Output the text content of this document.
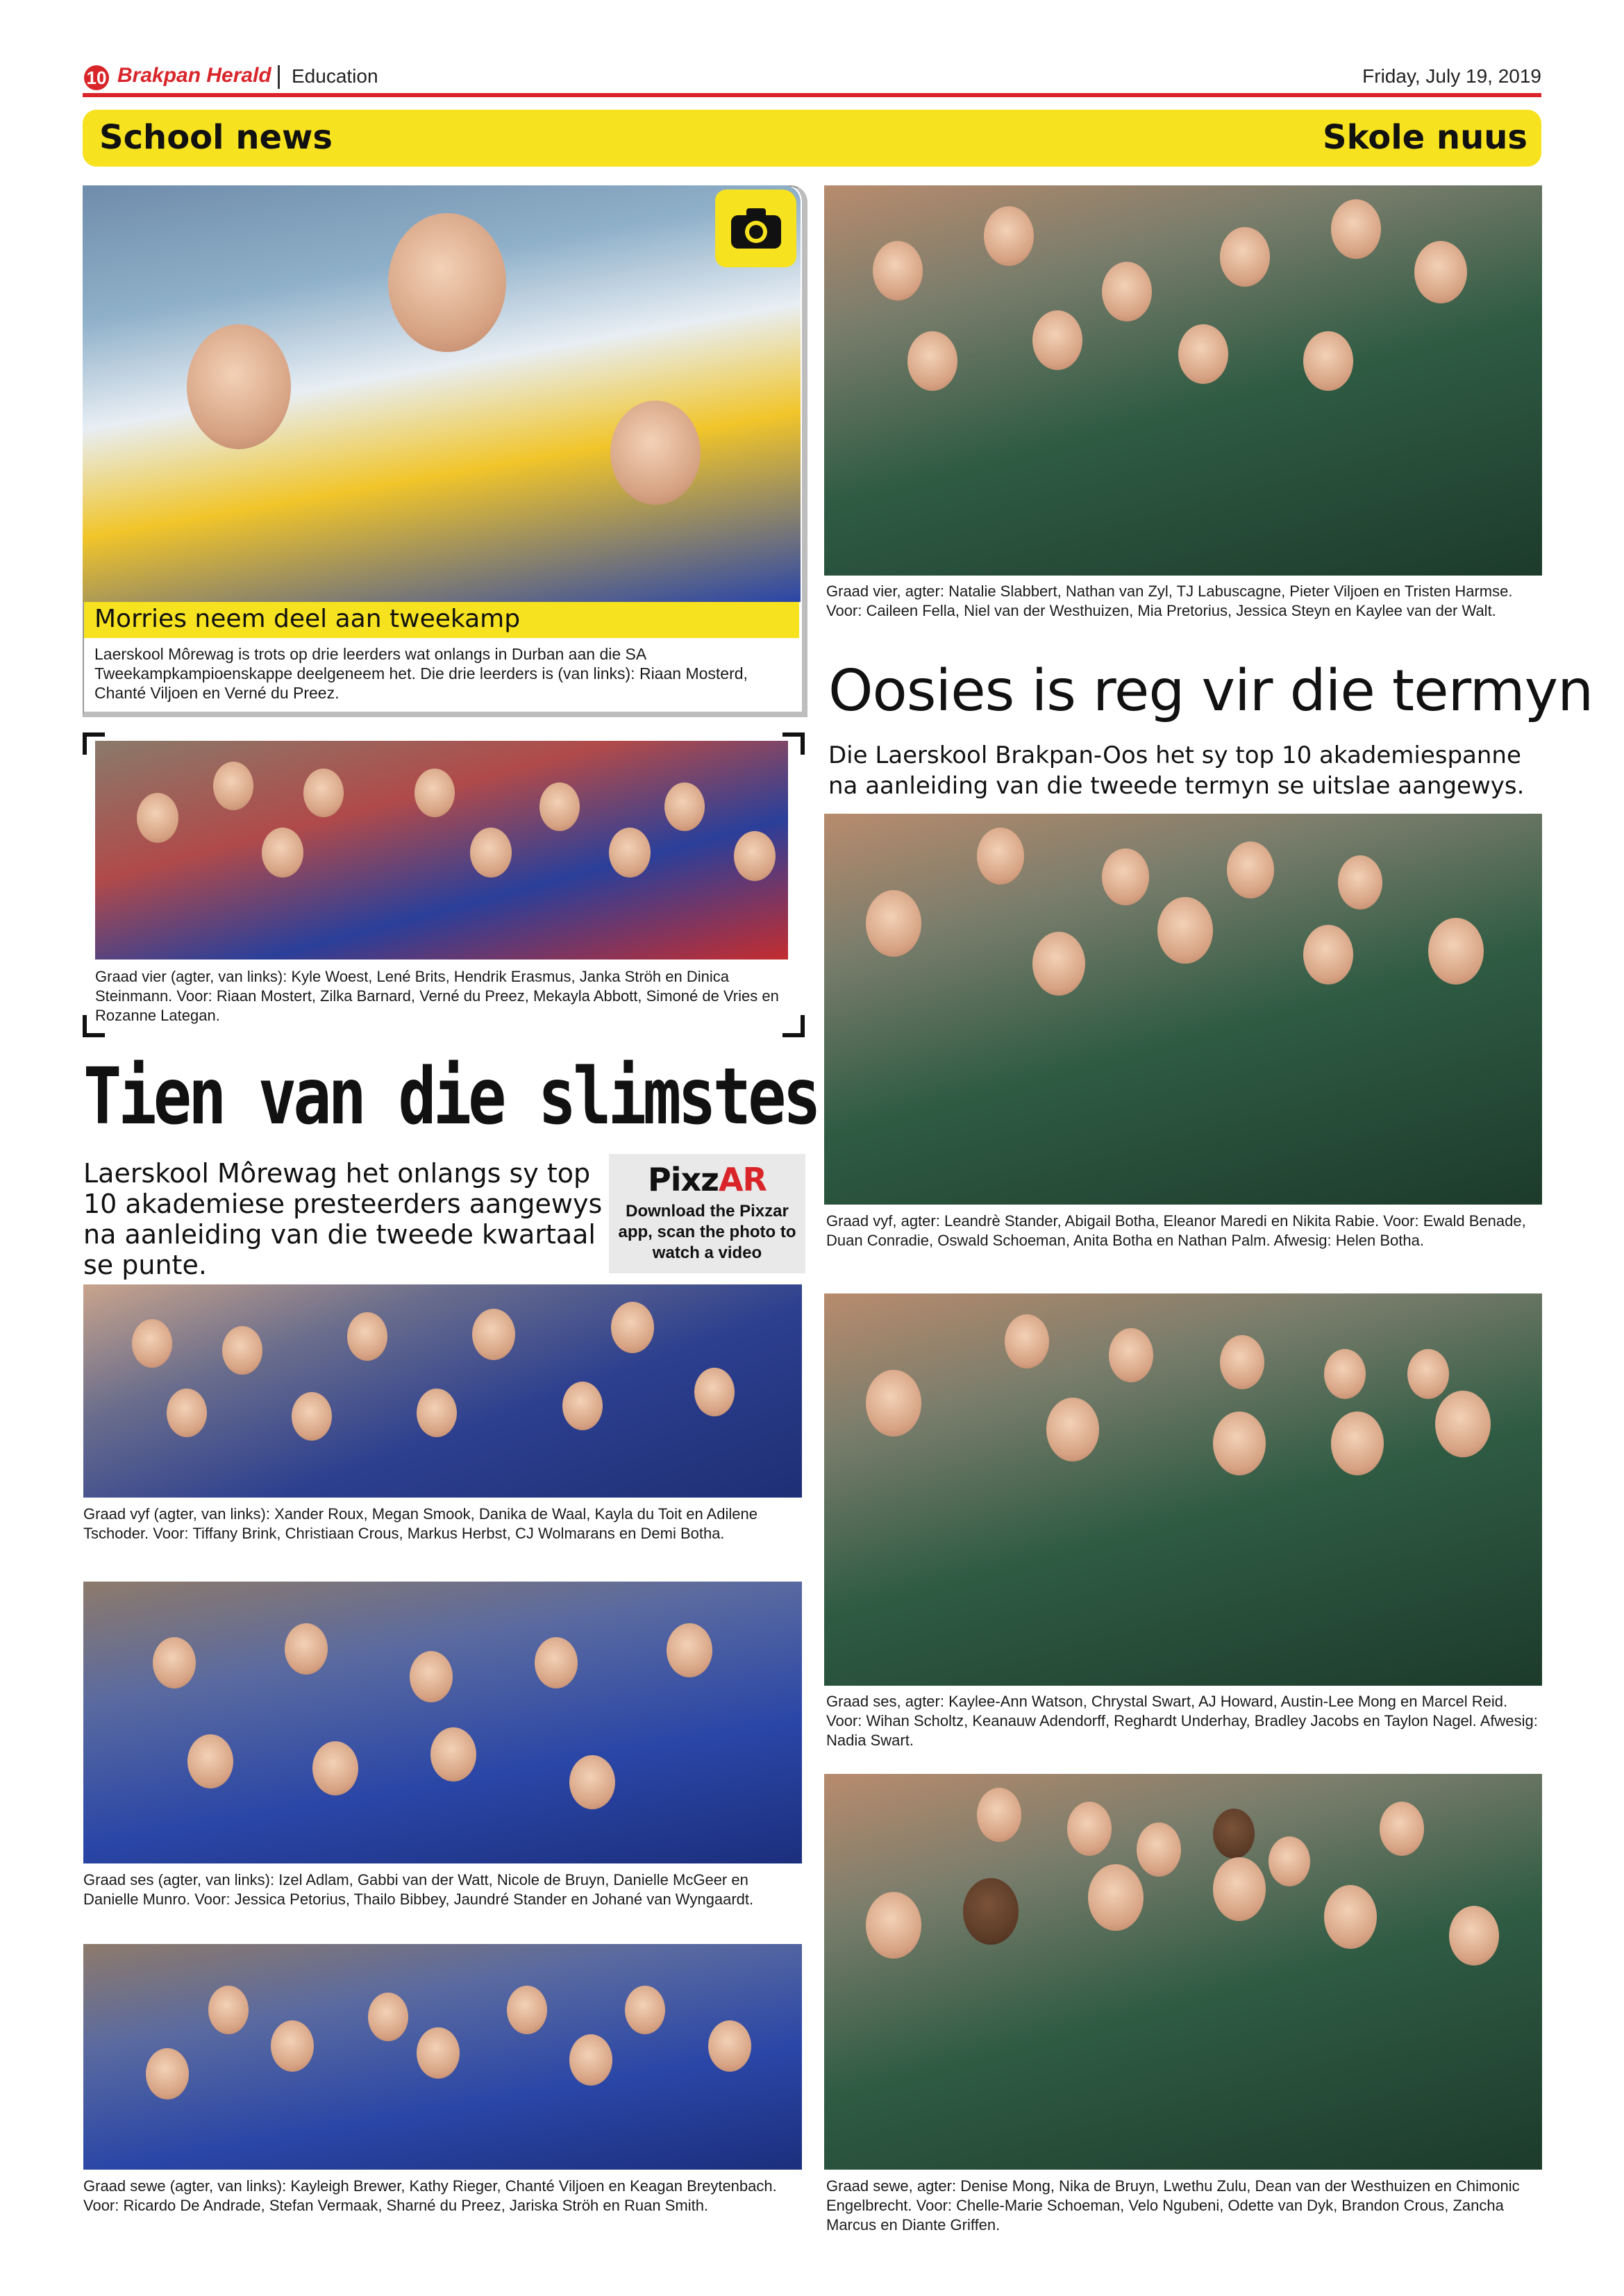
10 Brakpan Herald Education	Friday, July 19, 2019
School news	Skole nuus
Morries neem deel aan tweekamp
Laerskool Môrewag is trots op drie leerders wat onlangs in Durban aan die SA Tweekampkampioenskappe deelgeneem het. Die drie leerders is (van links): Riaan Mosterd, Chanté Viljoen en Verné du Preez.
Graad vier (agter, van links): Kyle Woest, Lené Brits, Hendrik Erasmus, Janka Ströh en Dinica Steinmann. Voor: Riaan Mostert, Zilka Barnard, Verné du Preez, Mekayla Abbott, Simoné de Vries en Rozanne Lategan.
Tien van die slimstes
Laerskool Môrewag het onlangs sy top 10 akademiese presteerders aangewys na aanleiding van die tweede kwartaal se punte.
PixzAR
Download the Pixzar app, scan the photo to watch a video
Graad vyf (agter, van links): Xander Roux, Megan Smook, Danika de Waal, Kayla du Toit en Adilene Tschoder. Voor: Tiffany Brink, Christiaan Crous, Markus Herbst, CJ Wolmarans en Demi Botha.
Graad ses (agter, van links): Izel Adlam, Gabbi van der Watt, Nicole de Bruyn, Danielle McGeer en Danielle Munro. Voor: Jessica Petorius, Thailo Bibbey, Jaundré Stander en Johané van Wyngaardt.
Graad sewe (agter, van links): Kayleigh Brewer, Kathy Rieger, Chanté Viljoen en Keagan Breytenbach. Voor: Ricardo De Andrade, Stefan Vermaak, Sharné du Preez, Jariska Ströh en Ruan Smith.
Graad vier, agter: Natalie Slabbert, Nathan van Zyl, TJ Labuscagne, Pieter Viljoen en Tristen Harmse. Voor: Caileen Fella, Niel van der Westhuizen, Mia Pretorius, Jessica Steyn en Kaylee van der Walt.
Oosies is reg vir die termyn
Die Laerskool Brakpan-Oos het sy top 10 akademiespanne na aanleiding van die tweede termyn se uitslae aangewys.
Graad vyf, agter: Leandrè Stander, Abigail Botha, Eleanor Maredi en Nikita Rabie. Voor: Ewald Benade, Duan Conradie, Oswald Schoeman, Anita Botha en Nathan Palm. Afwesig: Helen Botha.
Graad ses, agter: Kaylee-Ann Watson, Chrystal Swart, AJ Howard, Austin-Lee Mong en Marcel Reid. Voor: Wihan Scholtz, Keanauw Adendorff, Reghardt Underhay, Bradley Jacobs en Taylon Nagel. Afwesig: Nadia Swart.
Graad sewe, agter: Denise Mong, Nika de Bruyn, Lwethu Zulu, Dean van der Westhuizen en Chimonic Engelbrecht. Voor: Chelle-Marie Schoeman, Velo Ngubeni, Odette van Dyk, Brandon Crous, Zancha Marcus en Diante Griffen.
